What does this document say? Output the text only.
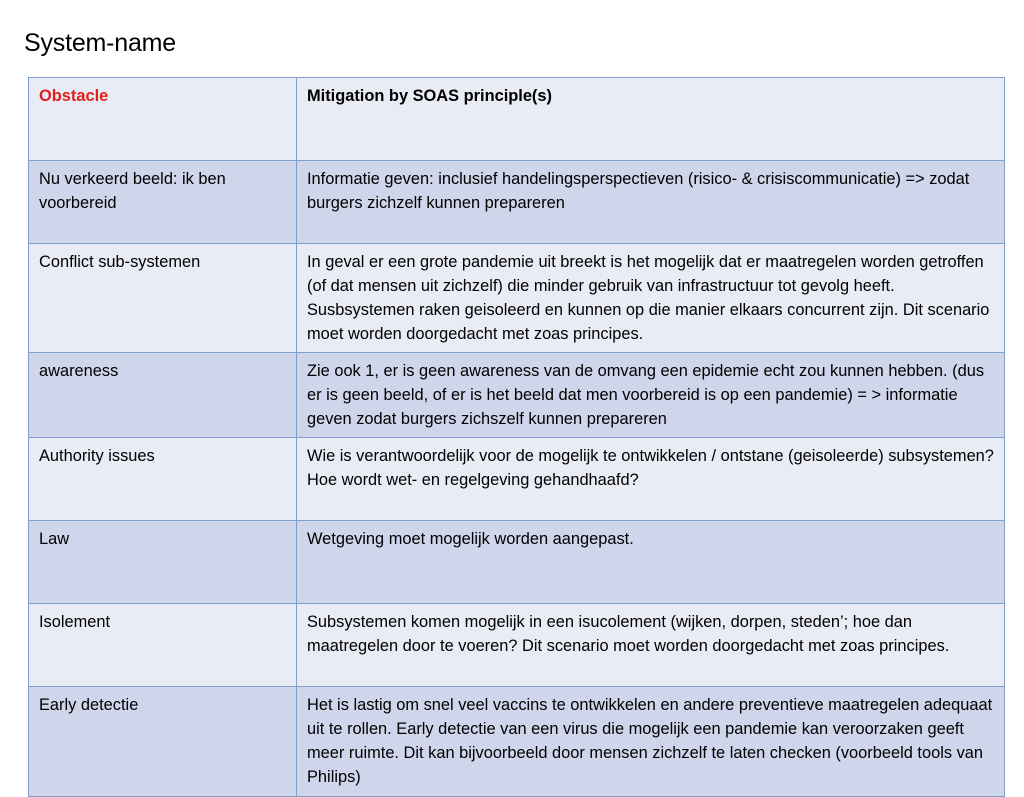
System-name
Obstacle	Mitigation by SOAS principle(s)
Nu verkeerd beeld: ik ben voorbereid	Informatie geven: inclusief handelingsperspectieven (risico- & crisiscommunicatie) => zodat burgers zichzelf kunnen prepareren
Conflict sub-systemen	In geval er een grote pandemie uit breekt is het mogelijk dat er maatregelen worden getroffen (of dat mensen uit zichzelf) die minder gebruik van infrastructuur tot gevolg heeft. Susbsystemen raken geisoleerd en kunnen op die manier elkaars concurrent zijn. Dit scenario moet worden doorgedacht met zoas principes.
awareness	Zie ook 1, er is geen awareness van de omvang een epidemie echt zou kunnen hebben. (dus er is geen beeld, of er is het beeld dat men voorbereid is op een pandemie) = > informatie geven zodat burgers zichszelf kunnen prepareren
Authority issues	Wie is verantwoordelijk voor de mogelijk te ontwikkelen / ontstane (geisoleerde) subsystemen? Hoe wordt wet- en regelgeving gehandhaafd?
Law	Wetgeving moet mogelijk worden aangepast.
Isolement	Subsystemen komen mogelijk in een isucolement (wijken, dorpen, steden’; hoe dan maatregelen door te voeren? Dit scenario moet worden doorgedacht met zoas principes.
Early detectie	Het is lastig om snel veel vaccins te ontwikkelen en andere preventieve maatregelen adequaat uit te rollen. Early detectie van een virus die mogelijk een pandemie kan veroorzaken geeft meer ruimte. Dit kan bijvoorbeeld door mensen zichzelf te laten checken (voorbeeld tools van Philips)
